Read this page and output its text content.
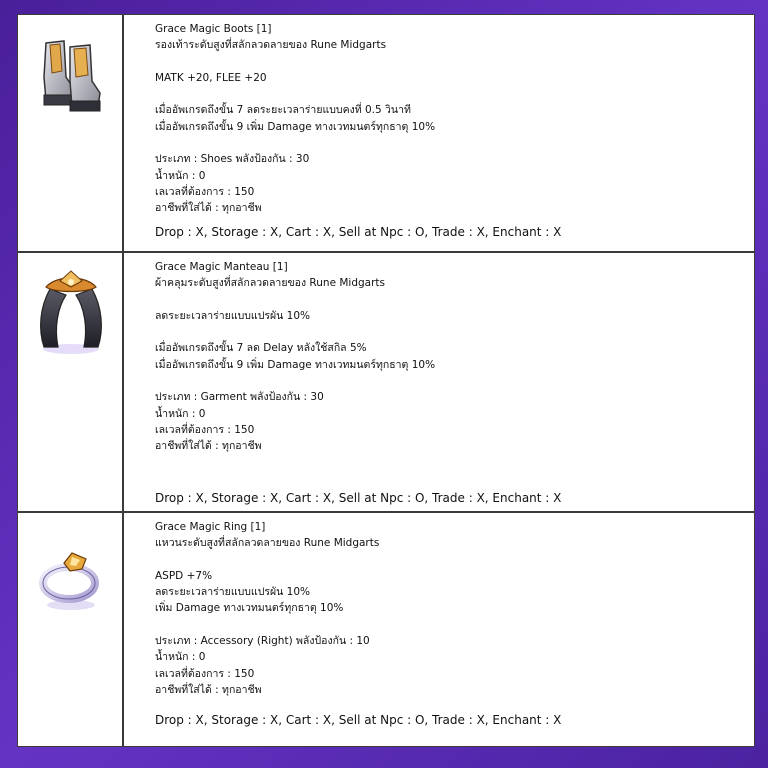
Grace Magic Boots [1]
รองเท้าระดับสูงที่สลักลวดลายของ Rune Midgarts
MATK +20, FLEE +20
เมื่ออัพเกรดถึงขั้น 7 ลดระยะเวลาร่ายแบบคงที่ 0.5 วินาที
เมื่ออัพเกรดถึงขั้น 9 เพิ่ม Damage ทางเวทมนตร์ทุกธาตุ 10%
ประเภท : Shoes พลังป้องกัน : 30
น้ำหนัก : 0
เลเวลที่ต้องการ : 150
อาชีพที่ใส่ได้ : ทุกอาชีพ
Drop : X, Storage : X, Cart : X, Sell at Npc : O, Trade : X, Enchant : X
Grace Magic Manteau [1]
ผ้าคลุมระดับสูงที่สลักลวดลายของ Rune Midgarts
ลดระยะเวลาร่ายแบบแปรผัน 10%
เมื่ออัพเกรดถึงขั้น 7 ลด Delay หลังใช้สกิล 5%
เมื่ออัพเกรดถึงขั้น 9 เพิ่ม Damage ทางเวทมนตร์ทุกธาตุ 10%
ประเภท : Garment พลังป้องกัน : 30
น้ำหนัก : 0
เลเวลที่ต้องการ : 150
อาชีพที่ใส่ได้ : ทุกอาชีพ
Drop : X, Storage : X, Cart : X, Sell at Npc : O, Trade : X, Enchant : X
Grace Magic Ring [1]
แหวนระดับสูงที่สลักลวดลายของ Rune Midgarts
ASPD +7%
ลดระยะเวลาร่ายแบบแปรผัน 10%
เพิ่ม Damage ทางเวทมนตร์ทุกธาตุ 10%
ประเภท : Accessory (Right) พลังป้องกัน : 10
น้ำหนัก : 0
เลเวลที่ต้องการ : 150
อาชีพที่ใส่ได้ : ทุกอาชีพ
Drop : X, Storage : X, Cart : X, Sell at Npc : O, Trade : X, Enchant : X
